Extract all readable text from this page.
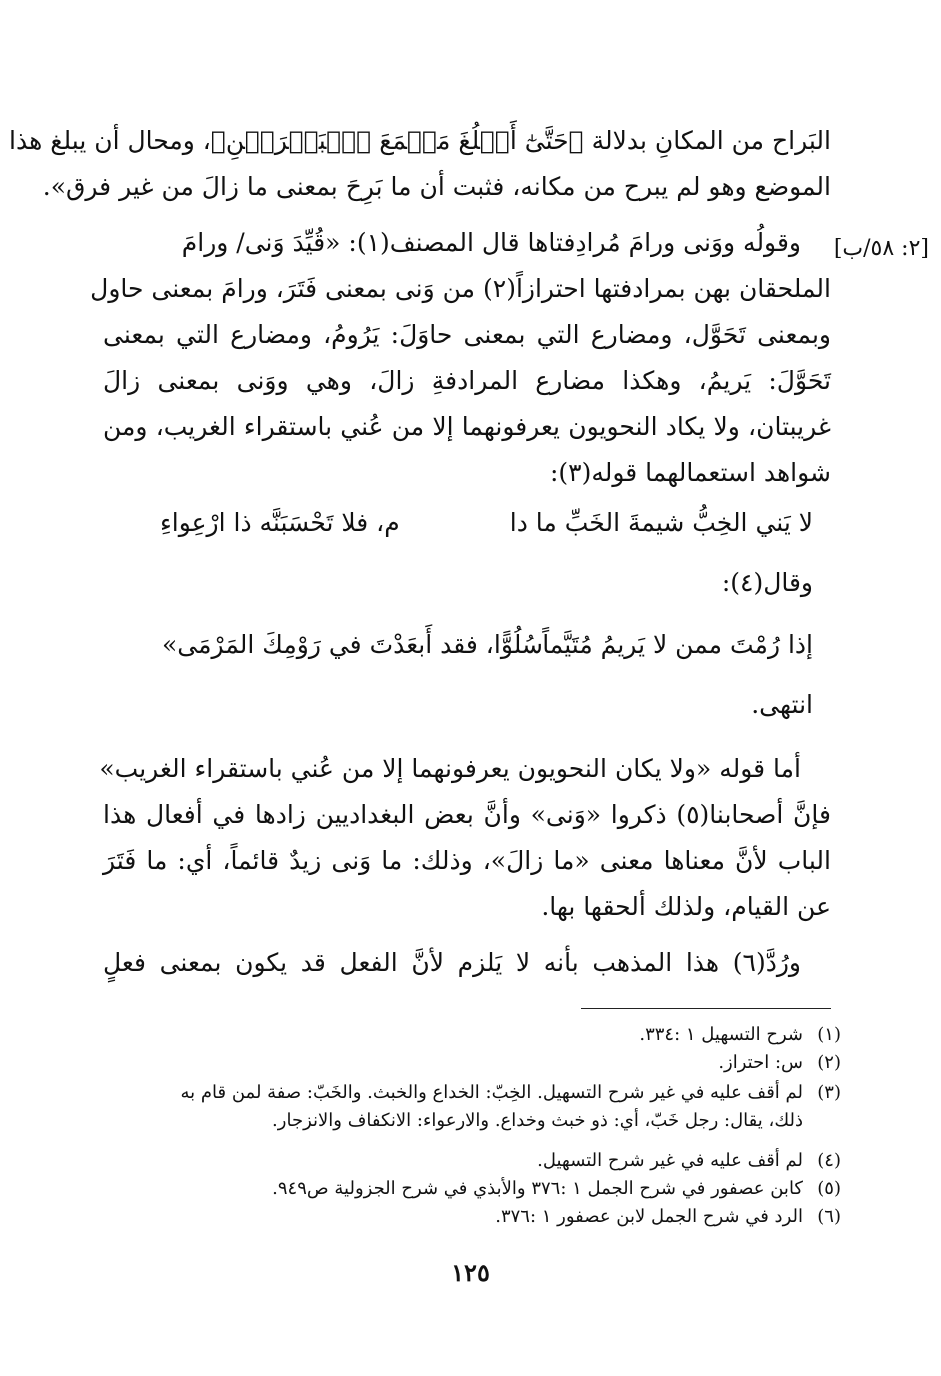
البَراح من المكانِ بدلالة ﴿حَتَّىٰٓ أَبۡلُغَ مَجۡمَعَ ٱلۡبَحۡرَيۡنِ﴾، ومحال أن يبلغ هذا
الموضع وهو لم يبرح من مكانه، فثبت أن ما بَرِحَ بمعنى ما زالَ من غير فرق».
وقولُه ووَنى ورامَ مُرادِفتاها قال المصنف(١): «قُيِّدَ وَنى/ ورامَ [٢: ٥٨/ب]
الملحقان بهن بمرادفتها احترازاً(٢) من وَنى بمعنى فَتَرَ، ورامَ بمعنى حاول
وبمعنى تَحَوَّل، ومضارع التي بمعنى حاوَلَ: يَرُومُ، ومضارع التي بمعنى
تَحَوَّلَ: يَريمُ، وهكذا مضارع المرادفةِ زالَ، وهي ووَنى بمعنى زالَ
غريبتان، ولا يكاد النحويون يعرفونهما إلا من عُني باستقراء الغريب، ومن
شواهد استعمالهما قوله(٣):
لا يَني الخِبُّ شيمةَ الخَبِّ ما دا
م، فلا تَحْسَبَنَّه ذا ارْعِواءِ
وقال(٤):
إذا رُمْتَ ممن لا يَريمُ مُتَيَّماً
سُلُوًّا، فقد أَبعَدْتَ في رَوْمِكَ المَرْمَى»
انتهى.
أما قوله «ولا يكان النحويون يعرفونهما إلا من عُني باستقراء الغريب»
فإنَّ أصحابنا(٥) ذكروا «وَنى» وأنَّ بعض البغداديين زادها في أفعال هذا
الباب لأنَّ معناها معنى «ما زالَ»، وذلك: ما وَنى زيدٌ قائماً، أي: ما فَتَرَ
عن القيام، ولذلك ألحقها بها.
ورُدَّ(٦) هذا المذهب بأنه لا يَلزم لأنَّ الفعل قد يكون بمعنى فعلٍ
(١)شرح التسهيل ١ :٣٣٤.
(٢)س: احتراز.
(٣)لم أقف عليه في غير شرح التسهيل. الخِبّ: الخداع والخبث. والخَبّ: صفة لمن قام به
ذلك، يقال: رجل خَبّ، أي: ذو خبث وخداع. والارعواء: الانكفاف والانزجار.
(٤)لم أقف عليه في غير شرح التسهيل.
(٥)كابن عصفور في شرح الجمل ١ :٣٧٦ والأبذي في شرح الجزولية ص٩٤٩.
(٦)الرد في شرح الجمل لابن عصفور ١ :٣٧٦.
١٢٥
